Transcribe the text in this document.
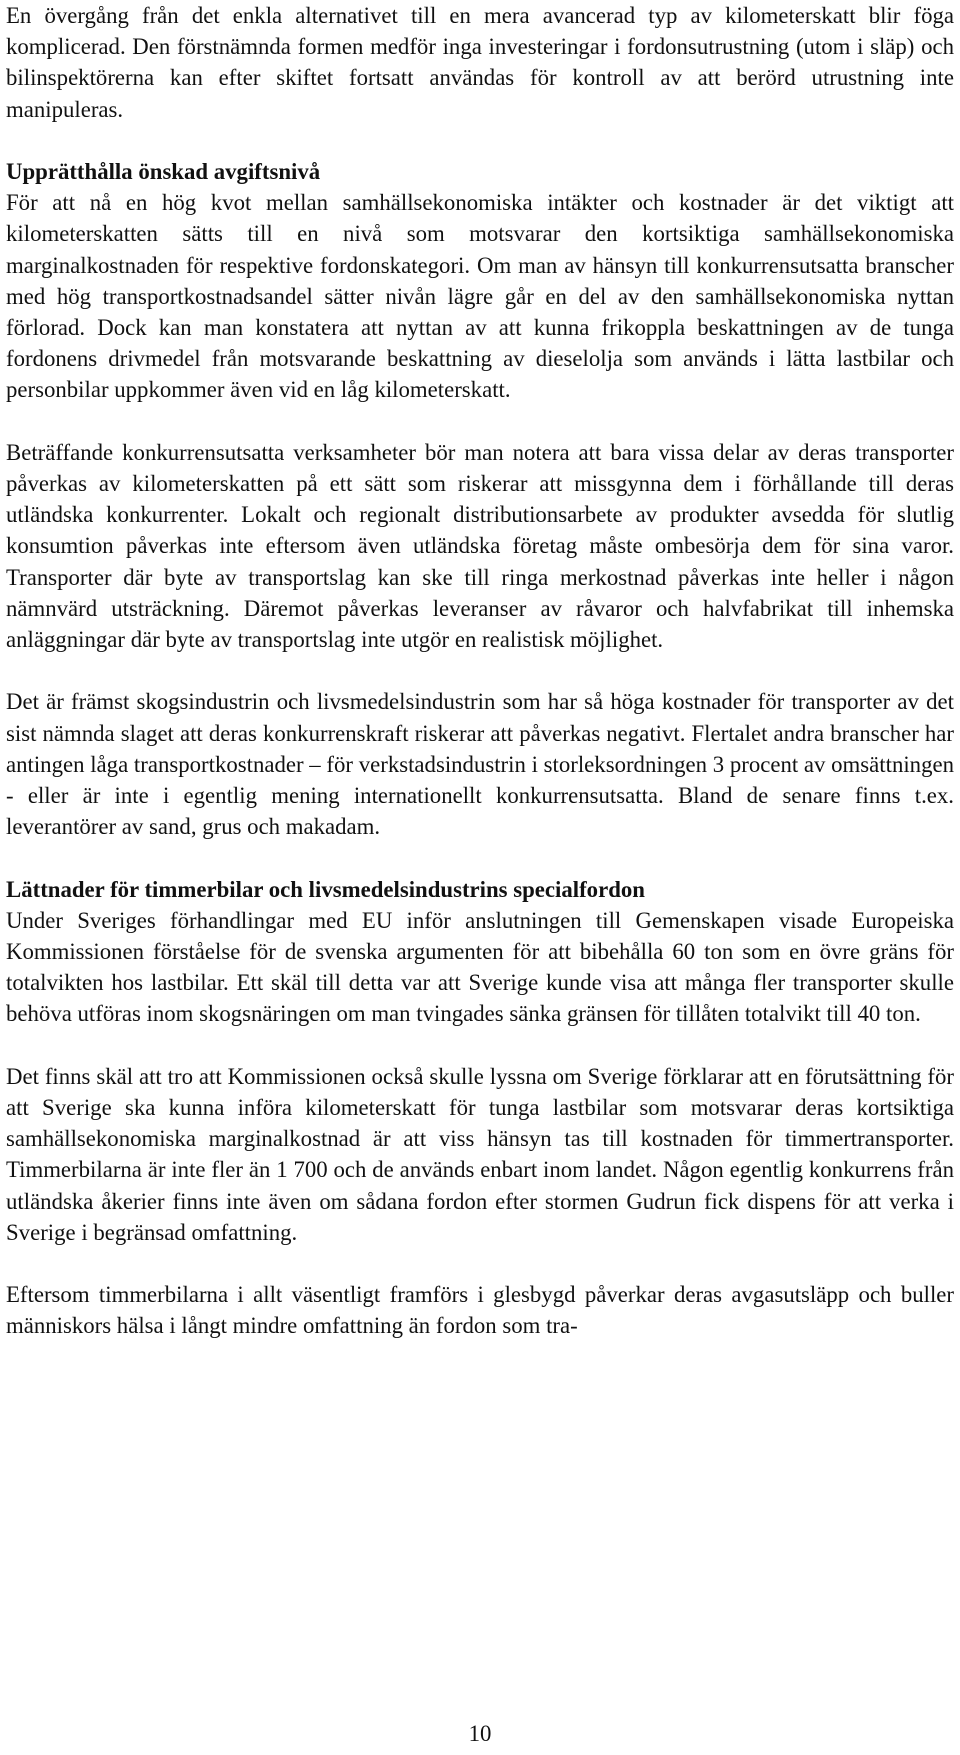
En övergång från det enkla alternativet till en mera avancerad typ av kilometerskatt blir föga komplicerad. Den förstnämnda formen medför inga investeringar i fordonsutrustning (utom i släp) och bilinspektörerna kan efter skiftet fortsatt användas för kontroll av att berörd utrustning inte manipuleras.

Upprätthålla önskad avgiftsnivå

För att nå en hög kvot mellan samhällsekonomiska intäkter och kostnader är det viktigt att kilometerskatten sätts till en nivå som motsvarar den kortsiktiga samhällsekonomiska marginalkostnaden för respektive fordonskategori. Om man av hänsyn till konkurrensutsatta branscher med hög transportkostnadsandel sätter nivån lägre går en del av den samhällsekonomiska nyttan förlorad. Dock kan man konstatera att nyttan av att kunna frikoppla beskattningen av de tunga fordonens drivmedel från motsvarande beskattning av dieselolja som används i lätta lastbilar och personbilar uppkommer även vid en låg kilometerskatt.

Beträffande konkurrensutsatta verksamheter bör man notera att bara vissa delar av deras transporter påverkas av kilometerskatten på ett sätt som riskerar att missgynna dem i förhållande till deras utländska konkurrenter. Lokalt och regionalt distributionsarbete av produkter avsedda för slutlig konsumtion påverkas inte eftersom även utländska företag måste ombesörja dem för sina varor. Transporter där byte av transportslag kan ske till ringa merkostnad påverkas inte heller i någon nämnvärd utsträckning. Däremot påverkas leveranser av råvaror och halvfabrikat till inhemska anläggningar där byte av transportslag inte utgör en realistisk möjlighet.

Det är främst skogsindustrin och livsmedelsindustrin som har så höga kostnader för transporter av det sist nämnda slaget att deras konkurrenskraft riskerar att påverkas negativt. Flertalet andra branscher har antingen låga transportkostnader – för verkstadsindustrin i storleksordningen 3 procent av omsättningen - eller är inte i egentlig mening internationellt konkurrensutsatta. Bland de senare finns t.ex. leverantörer av sand, grus och makadam.

Lättnader för timmerbilar och livsmedelsindustrins specialfordon

Under Sveriges förhandlingar med EU inför anslutningen till Gemenskapen visade Europeiska Kommissionen förståelse för de svenska argumenten för att bibehålla 60 ton som en övre gräns för totalvikten hos lastbilar. Ett skäl till detta var att Sverige kunde visa att många fler transporter skulle behöva utföras inom skogsnäringen om man tvingades sänka gränsen för tillåten totalvikt till 40 ton.

Det finns skäl att tro att Kommissionen också skulle lyssna om Sverige förklarar att en förutsättning för att Sverige ska kunna införa kilometerskatt för tunga lastbilar som motsvarar deras kortsiktiga samhällsekonomiska marginalkostnad är att viss hänsyn tas till kostnaden för timmertransporter. Timmerbilarna är inte fler än 1 700 och de används enbart inom landet. Någon egentlig konkurrens från utländska åkerier finns inte även om sådana fordon efter stormen Gudrun fick dispens för att verka i Sverige i begränsad omfattning.

Eftersom timmerbilarna i allt väsentligt framförs i glesbygd påverkar deras avgasutsläpp och buller människors hälsa i långt mindre omfattning än fordon som tra-

10
